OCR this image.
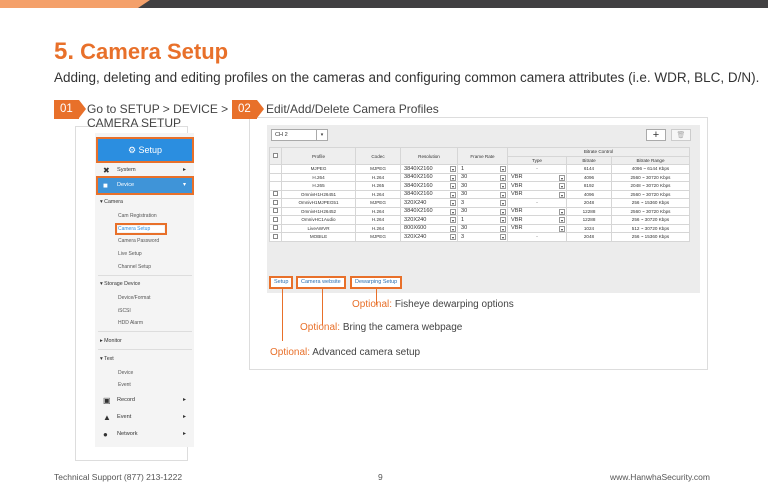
5. Camera Setup
Adding, deleting and editing profiles on the cameras and configuring common camera attributes (i.e. WDR, BLC, D/N).
01	Go to SETUP > DEVICE >
CAMERA SETUP
⚙ Setup
✖ System	▸
■ Device	▾
▾ Camera
Cam Registration
Camera Setup
Camera Password
Live Setup
Channel Setup
▾ Storage Device
Device/Format
iSCSI
HDD Alarm
▸ Monitor
▾ Text
Device
Event
▣ Record	▸
▲ Event	▸
● Network	▸
02	Edit/Add/Delete Camera Profiles
CH 2	▾	+	🗑
	Profile	Codec	Resolution	Frame Rate	Bitrate Control		
					Type	Bitrate	Bitrate Range
	MJPEG	MJPEG	3840X2160 ▾	1 ▾	-	6144	4096 ~ 6144 Kbps
	H.264	H.264	3840X2160 ▾	30 ▾	VBR ▾	4096	2560 ~ 30720 Kbps
	H.265	H.265	3840X2160 ▾	30 ▾	VBR ▾	8192	2048 ~ 30720 Kbps
	OmnivH1H26451	H.264	3840X2160 ▾	30 ▾	VBR ▾	4096	2560 ~ 30720 Kbps
	OmnivH1MJPEG51	MJPEG	320X240 ▾	3 ▾	-	2048	256 ~ 15360 Kbps
	OmnivH1H26452	H.264	3840X2160 ▾	30 ▾	VBR ▾	12288	2560 ~ 30720 Kbps
	OmnivHC1Audio	H.264	320X240 ▾	1 ▾	VBR ▾	12288	256 ~ 30720 Kbps
	LiveAWVR	H.264	800X600 ▾	30 ▾	VBR ▾	1024	512 ~ 30720 Kbps
	MOBILE	MJPEG	320X240 ▾	3 ▾	-	2048	256 ~ 15360 Kbps
Setup	Camera website	Dewarping Setup
Optional: Fisheye dewarping options
Optional: Bring the camera webpage
Optional: Advanced camera setup
Technical Support (877) 213-1222	9	www.HanwhaSecurity.com
